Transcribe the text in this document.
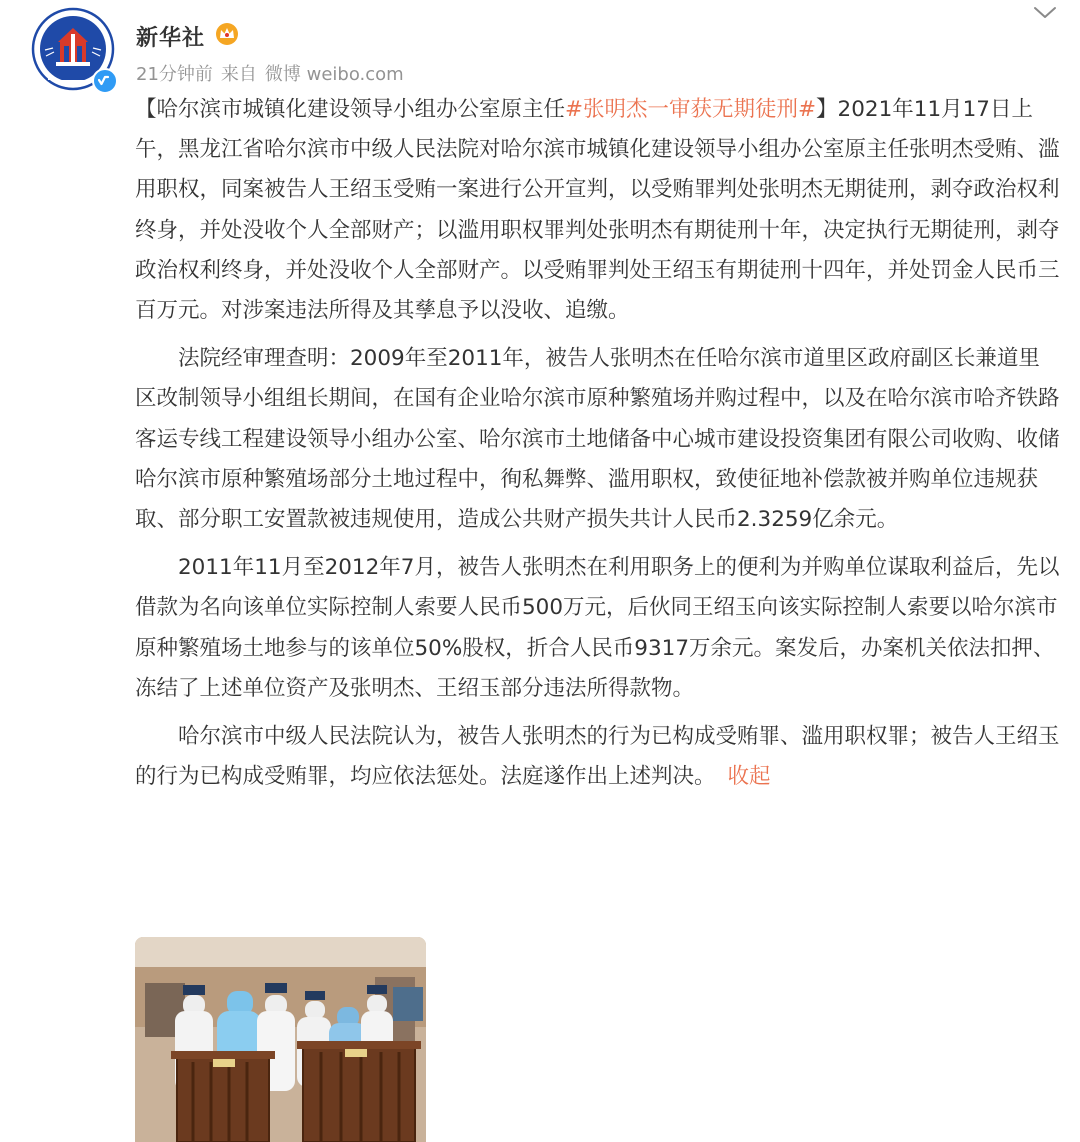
新华社
21分钟前 来自 微博 weibo.com

【哈尔滨市城镇化建设领导小组办公室原主任#张明杰一审获无期徒刑#】2021年11月17日上午，黑龙江省哈尔滨市中级人民法院对哈尔滨市城镇化建设领导小组办公室原主任张明杰受贿、滥用职权，同案被告人王绍玉受贿一案进行公开宣判，以受贿罪判处张明杰无期徒刑，剥夺政治权利终身，并处没收个人全部财产；以滥用职权罪判处张明杰有期徒刑十年，决定执行无期徒刑，剥夺政治权利终身，并处没收个人全部财产。以受贿罪判处王绍玉有期徒刑十四年，并处罚金人民币三百万元。对涉案违法所得及其孳息予以没收、追缴。

法院经审理查明：2009年至2011年，被告人张明杰在任哈尔滨市道里区政府副区长兼道里区改制领导小组组长期间，在国有企业哈尔滨市原种繁殖场并购过程中，以及在哈尔滨市哈齐铁路客运专线工程建设领导小组办公室、哈尔滨市土地储备中心城市建设投资集团有限公司收购、收储哈尔滨市原种繁殖场部分土地过程中，徇私舞弊、滥用职权，致使征地补偿款被并购单位违规获取、部分职工安置款被违规使用，造成公共财产损失共计人民币2.3259亿余元。

2011年11月至2012年7月，被告人张明杰在利用职务上的便利为并购单位谋取利益后，先以借款为名向该单位实际控制人索要人民币500万元，后伙同王绍玉向该实际控制人索要以哈尔滨市原种繁殖场土地参与的该单位50%股权，折合人民币9317万余元。案发后，办案机关依法扣押、冻结了上述单位资产及张明杰、王绍玉部分违法所得款物。

哈尔滨市中级人民法院认为，被告人张明杰的行为已构成受贿罪、滥用职权罪；被告人王绍玉的行为已构成受贿罪，均应依法惩处。法庭遂作出上述判决。 收起
